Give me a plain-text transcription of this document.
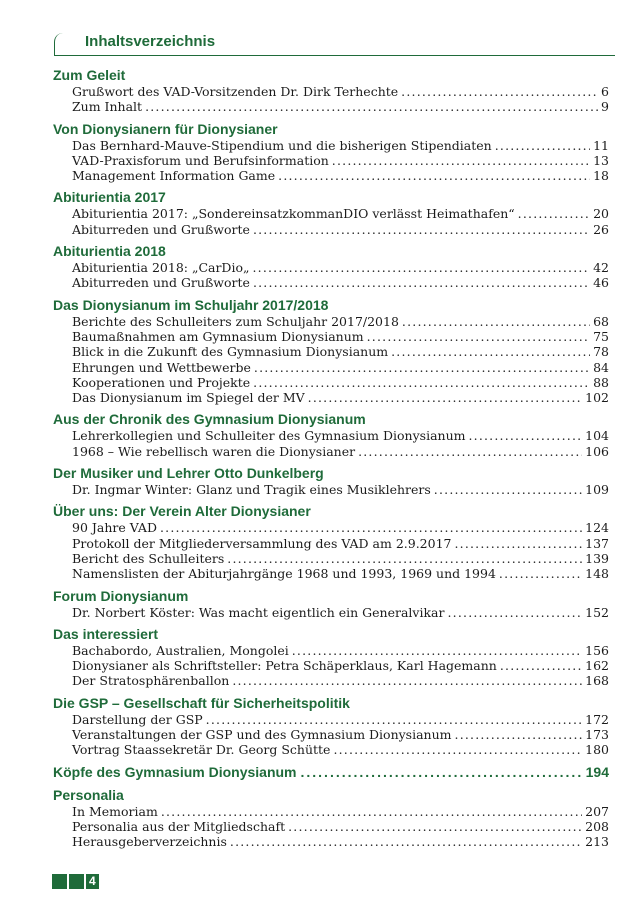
Inhaltsverzeichnis
Zum Geleit
Grußwort des VAD-Vorsitzenden Dr. Dirk Terhechte .....	6
Zum Inhalt .....	9
Von Dionysianern für Dionysianer
Das Bernhard-Mauve-Stipendium und die bisherigen Stipendiaten .....	11
VAD-Praxisforum und Berufsinformation .....	13
Management Information Game .....	18
Abiturientia 2017
Abiturientia 2017: „SondereinsatzkommanDIO verlässt Heimathafen“ .....	20
Abiturreden und Grußworte .....	26
Abiturientia 2018
Abiturientia 2018: „CarDio„ .....	42
Abiturreden und Grußworte .....	46
Das Dionysianum im Schuljahr 2017/2018
Berichte des Schulleiters zum Schuljahr 2017/2018 .....	68
Baumaßnahmen am Gymnasium Dionysianum .....	75
Blick in die Zukunft des Gymnasium Dionysianum .....	78
Ehrungen und Wettbewerbe .....	84
Kooperationen und Projekte .....	88
Das Dionysianum im Spiegel der MV .....	102
Aus der Chronik des Gymnasium Dionysianum
Lehrerkollegien und Schulleiter des Gymnasium Dionysianum .....	104
1968 – Wie rebellisch waren die Dionysianer .....	106
Der Musiker und Lehrer Otto Dunkelberg
Dr. Ingmar Winter: Glanz und Tragik eines Musiklehrers .....	109
Über uns: Der Verein Alter Dionysianer
90 Jahre VAD .....	124
Protokoll der Mitgliederversammlung des VAD am 2.9.2017 .....	137
Bericht des Schulleiters .....	139
Namenslisten der Abiturjahrgänge 1968 und 1993, 1969 und 1994 .....	148
Forum Dionysianum
Dr. Norbert Köster: Was macht eigentlich ein Generalvikar .....	152
Das interessiert
Bachabordo, Australien, Mongolei .....	156
Dionysianer als Schriftsteller: Petra Schäperklaus, Karl Hagemann .....	162
Der Stratosphärenballon .....	168
Die GSP – Gesellschaft für Sicherheitspolitik
Darstellung der GSP .....	172
Veranstaltungen der GSP und des Gymnasium Dionysianum .....	173
Vortrag Staassekretär Dr. Georg Schütte .....	180
Köpfe des Gymnasium Dionysianum .....	194
Personalia
In Memoriam .....	207
Personalia aus der Mitgliedschaft .....	208
Herausgeberverzeichnis .....	213
4
